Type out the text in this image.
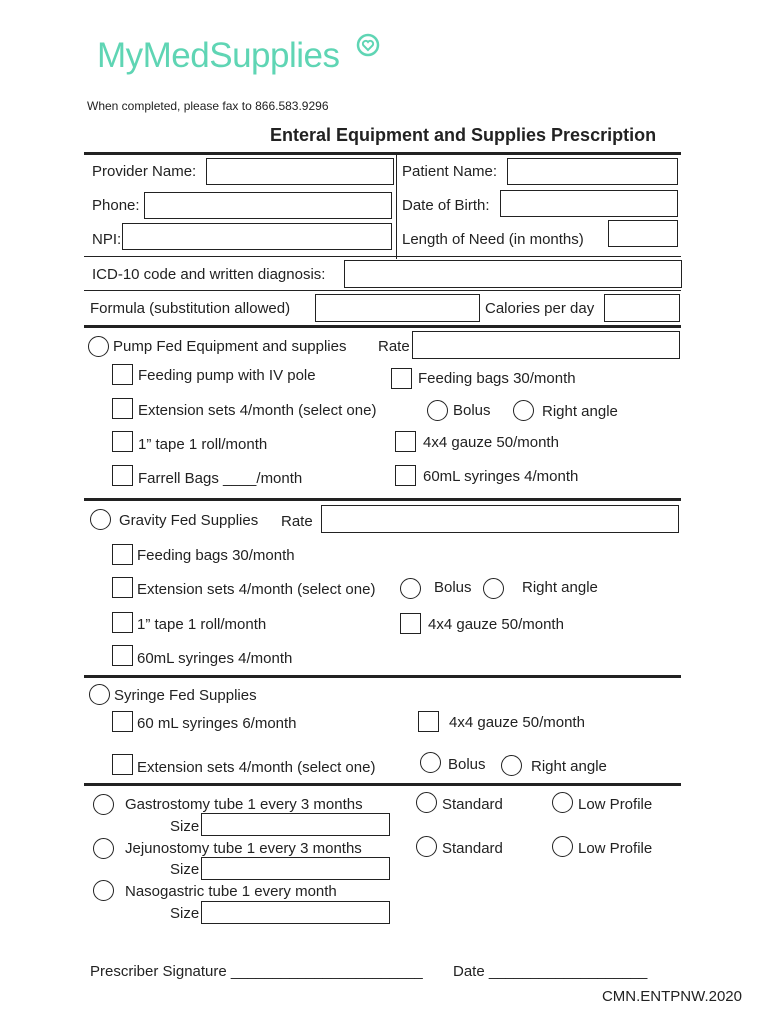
MyMedSupplies
When completed, please fax to 866.583.9296
Enteral Equipment and Supplies Prescription
Provider Name:	Patient Name:
Phone:	Date of Birth:
NPI:	Length of Need (in months)
ICD-10 code and written diagnosis:
Formula (substitution allowed)	Calories per day
Pump Fed Equipment and supplies Rate
Feeding pump with IV pole	Feeding bags 30/month
Extension sets 4/month (select one)	Bolus	Right angle
1” tape 1 roll/month	4x4 gauze 50/month
Farrell Bags ____/month	60mL syringes 4/month
Gravity Fed Supplies Rate
Feeding bags 30/month
Extension sets 4/month (select one)	Bolus	Right angle
1” tape 1 roll/month	4x4 gauze 50/month
60mL syringes 4/month
Syringe Fed Supplies
60 mL syringes 6/month	4x4 gauze 50/month
Extension sets 4/month (select one)	Bolus	Right angle
Gastrostomy tube 1 every 3 months
Size
Standard	Low Profile
Jejunostomy tube 1 every 3 months
Size
Standard	Low Profile
Nasogastric tube 1 every month
Size
Prescriber Signature _______________________ Date ___________________
CMN.ENTPNW.2020
